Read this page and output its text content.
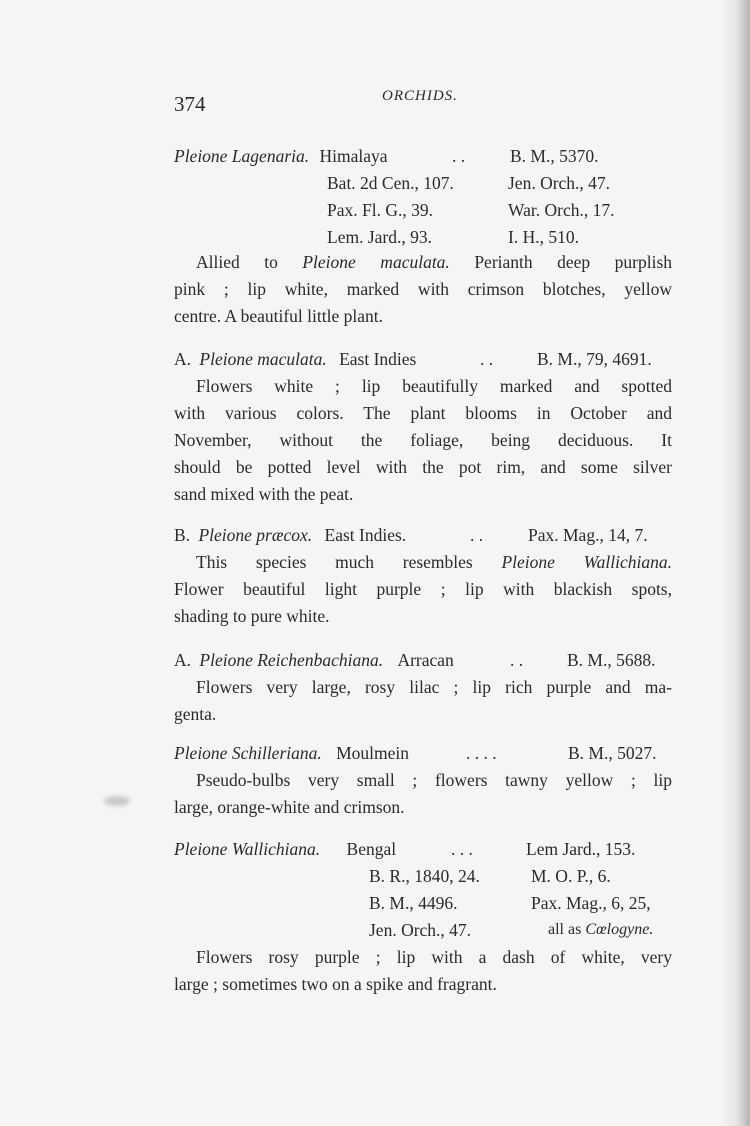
374	ORCHIDS.
Pleione Lagenaria. Himalaya	. .	B. M., 5370.
Bat. 2d Cen., 107.	Jen. Orch., 47.
Pax. Fl. G., 39.	War. Orch., 17.
Lem. Jard., 93.	I. H., 510.
Allied to Pleione maculata. Perianth deep purplish
pink ; lip white, marked with crimson blotches, yellow
centre. A beautiful little plant.
A. Pleione maculata. East Indies	. .	B. M., 79, 4691.
Flowers white ; lip beautifully marked and spotted
with various colors. The plant blooms in October and
November, without the foliage, being deciduous. It
should be potted level with the pot rim, and some silver
sand mixed with the peat.
B. Pleione præcox. East Indies.	. .	Pax. Mag., 14, 7.
This species much resembles Pleione Wallichiana.
Flower beautiful light purple ; lip with blackish spots,
shading to pure white.
A. Pleione Reichenbachiana. Arracan	. .	B. M., 5688.
Flowers very large, rosy lilac ; lip rich purple and ma-
genta.
Pleione Schilleriana. Moulmein	. . . .	B. M., 5027.
Pseudo-bulbs very small ; flowers tawny yellow ; lip
large, orange-white and crimson.
Pleione Wallichiana. Bengal	. . .	Lem Jard., 153.
B. R., 1840, 24.	M. O. P., 6.
B. M., 4496.	Pax. Mag., 6, 25,
Jen. Orch., 47.	all as Cœlogyne.
Flowers rosy purple ; lip with a dash of white, very
large ; sometimes two on a spike and fragrant.
